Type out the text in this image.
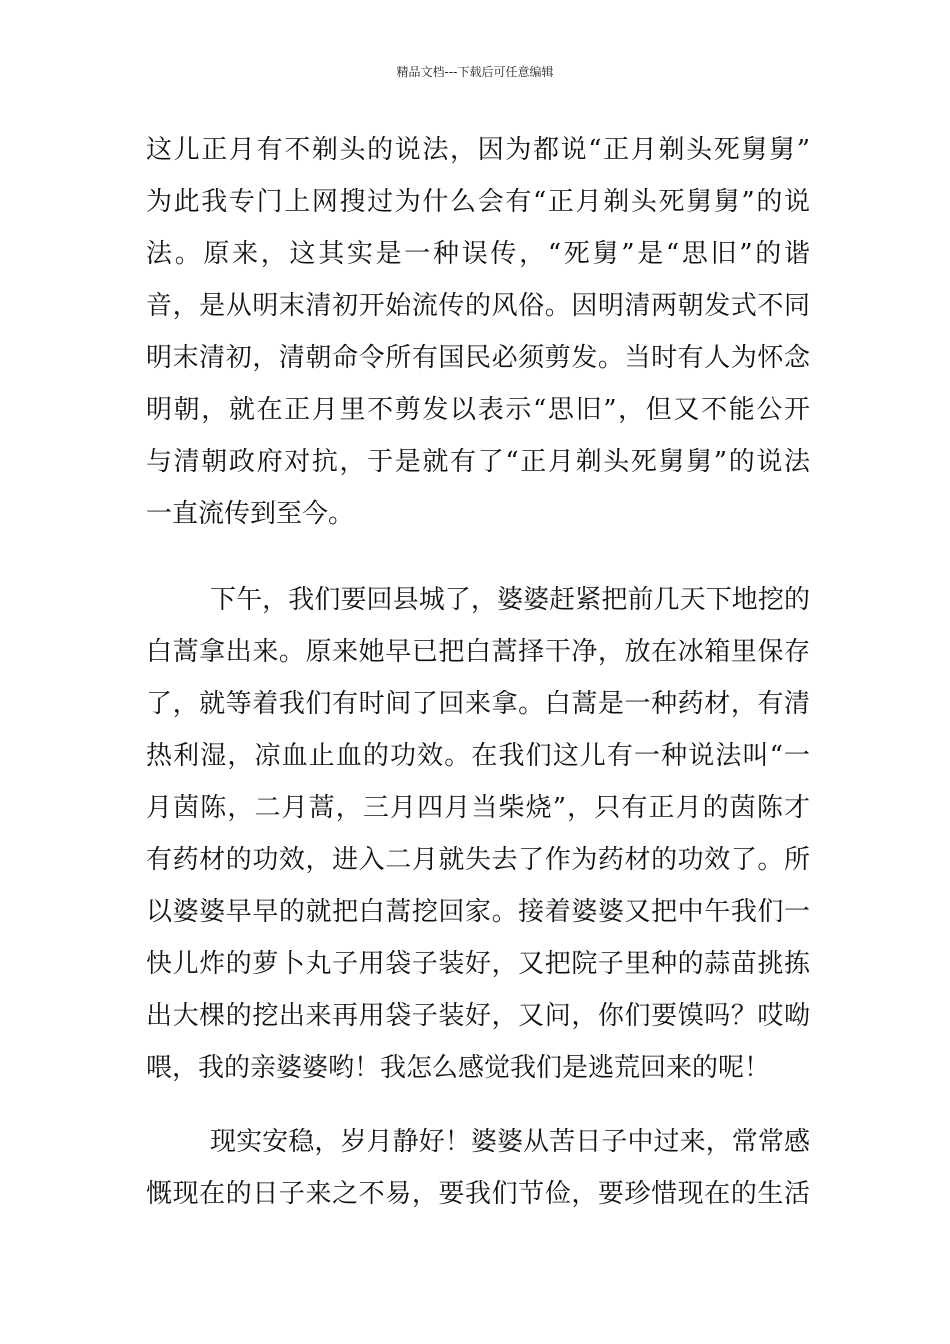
精品文档---下载后可任意编辑
这儿正月有不剃头的说法，因为都说“正月剃头死舅舅”
为此我专门上网搜过为什么会有“正月剃头死舅舅”的说
法。原来，这其实是一种误传，“死舅”是“思旧”的谐
音，是从明末清初开始流传的风俗。因明清两朝发式不同
明末清初，清朝命令所有国民必须剪发。当时有人为怀念
明朝，就在正月里不剪发以表示“思旧”，但又不能公开
与清朝政府对抗，于是就有了“正月剃头死舅舅”的说法
一直流传到至今。
下午，我们要回县城了，婆婆赶紧把前几天下地挖的
白蒿拿出来。原来她早已把白蒿择干净，放在冰箱里保存
了，就等着我们有时间了回来拿。白蒿是一种药材，有清
热利湿，凉血止血的功效。在我们这儿有一种说法叫“一
月茵陈，二月蒿，三月四月当柴烧”，只有正月的茵陈才
有药材的功效，进入二月就失去了作为药材的功效了。所
以婆婆早早的就把白蒿挖回家。接着婆婆又把中午我们一
快儿炸的萝卜丸子用袋子装好，又把院子里种的蒜苗挑拣
出大棵的挖出来再用袋子装好，又问，你们要馍吗？哎呦
喂，我的亲婆婆哟！我怎么感觉我们是逃荒回来的呢！
现实安稳，岁月静好！婆婆从苦日子中过来，常常感
慨现在的日子来之不易，要我们节俭，要珍惜现在的生活
